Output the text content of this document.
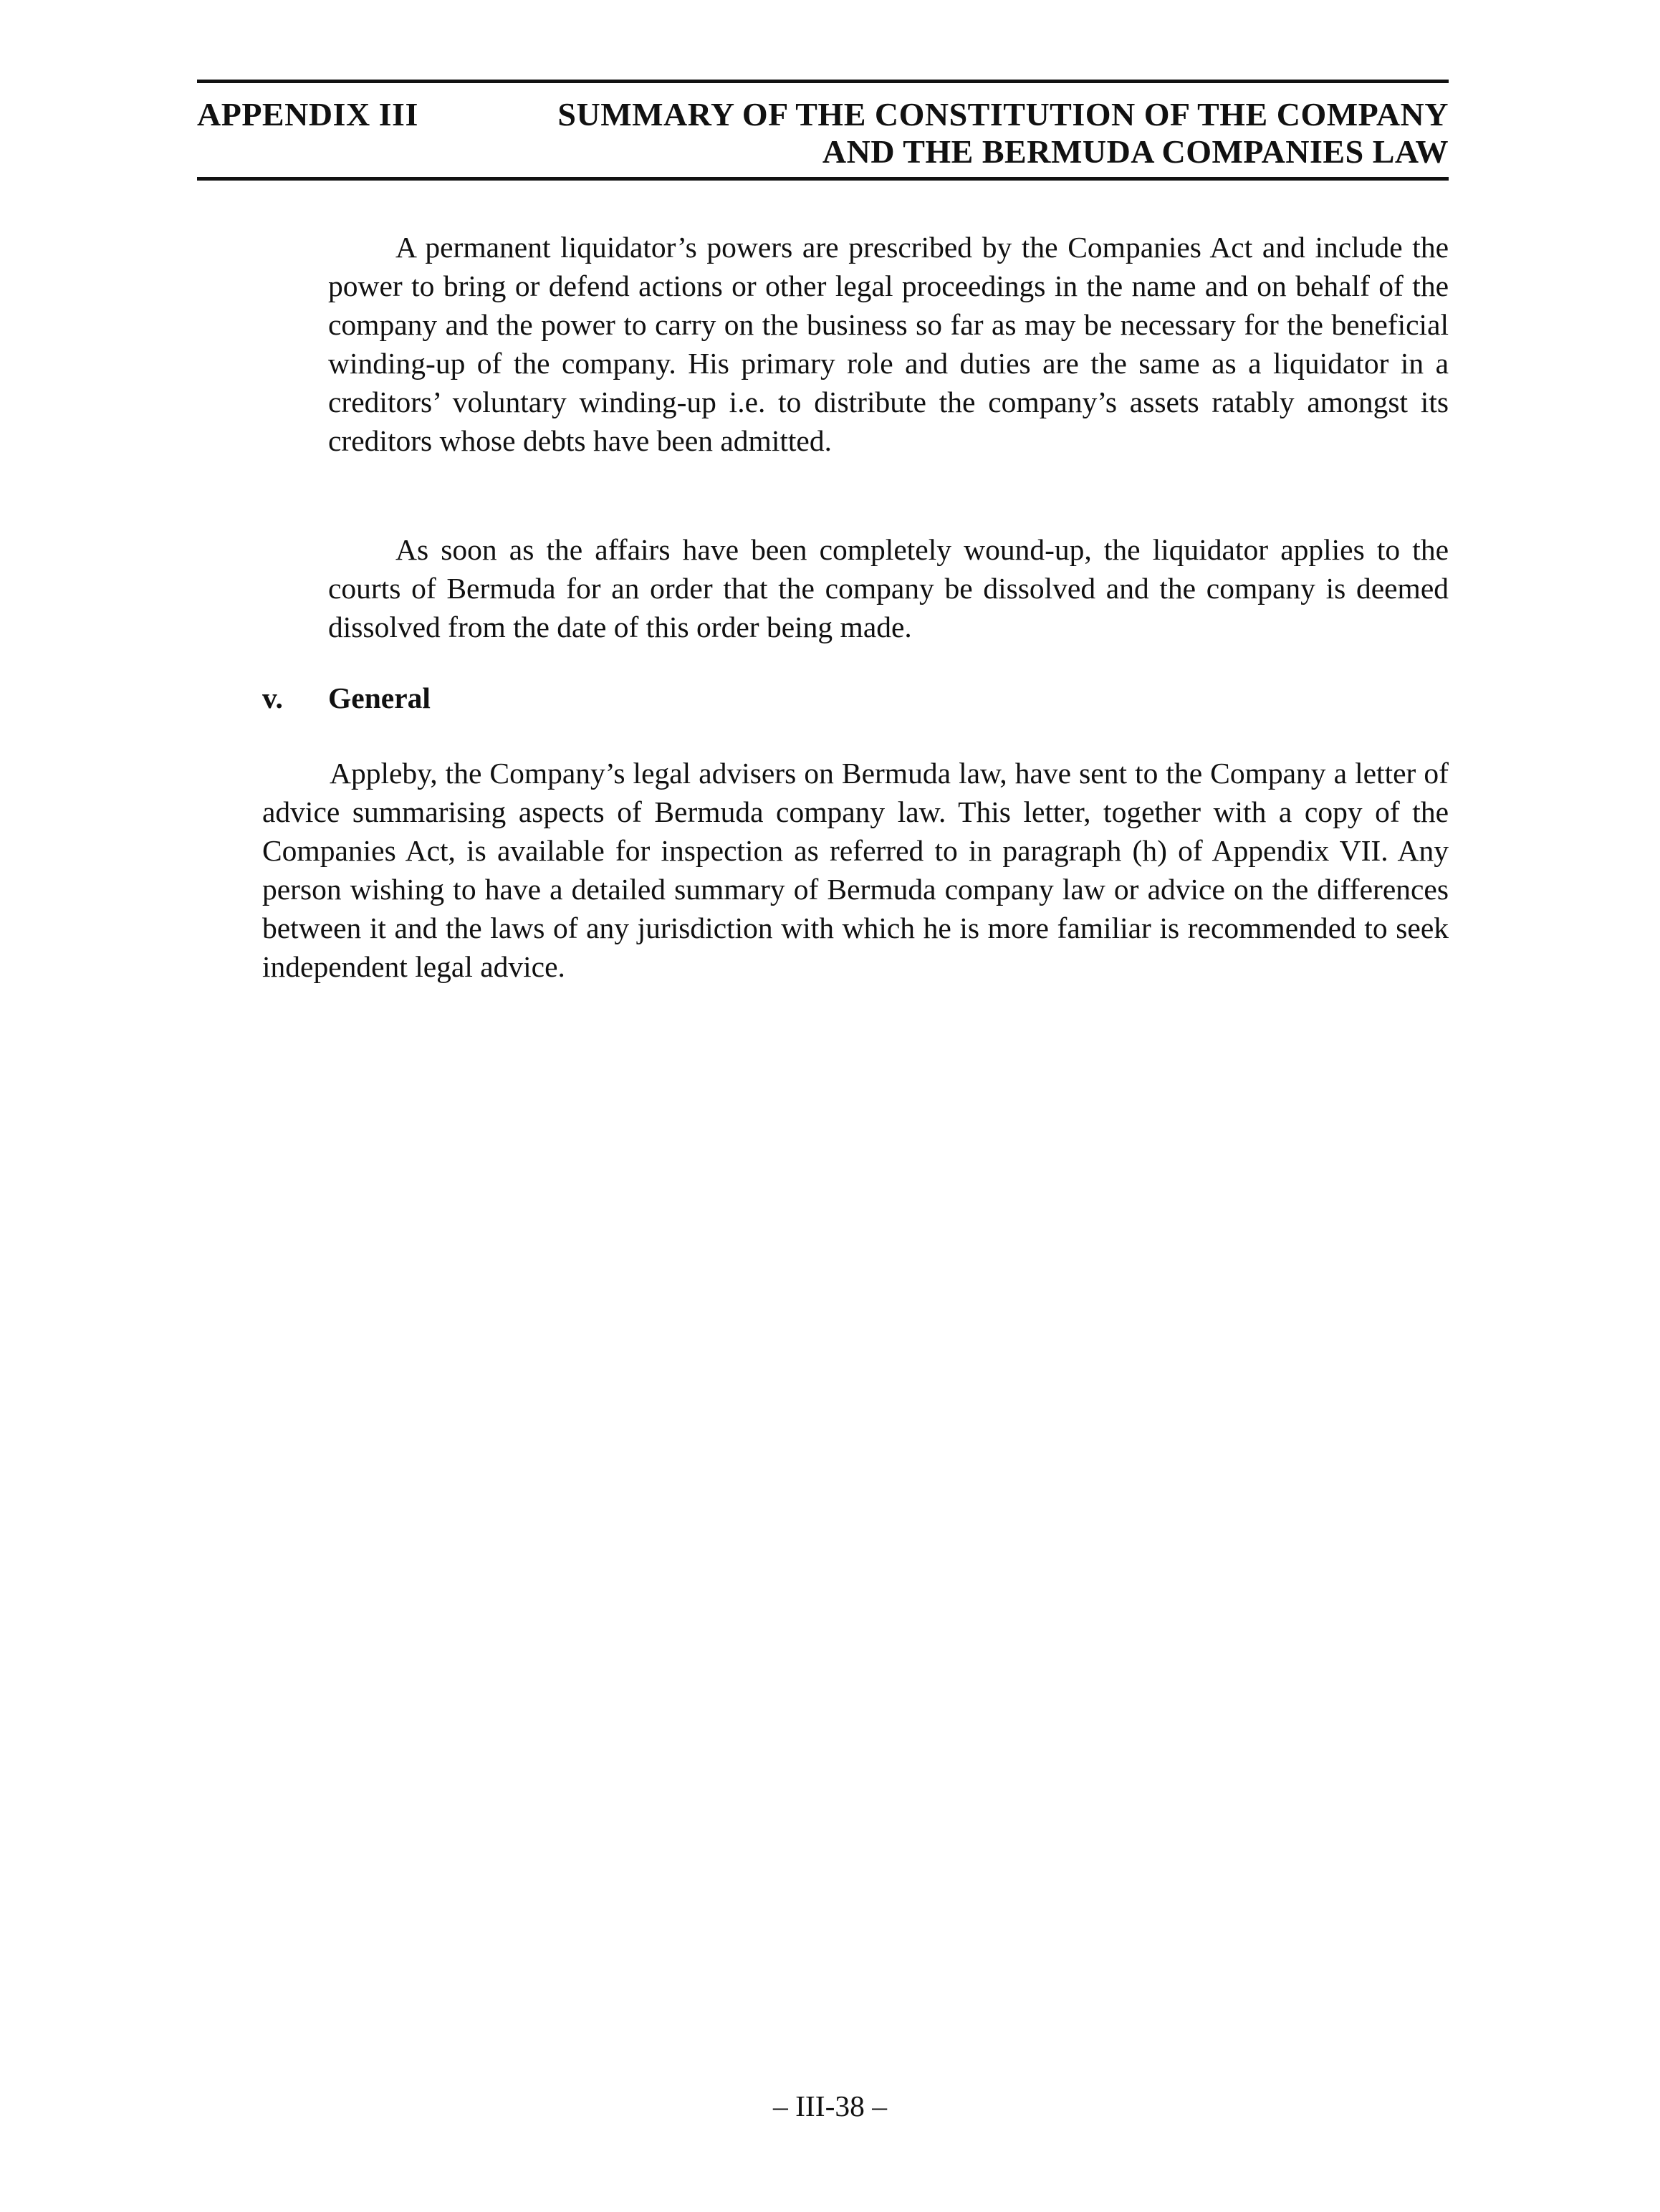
APPENDIX III	SUMMARY OF THE CONSTITUTION OF THE COMPANY
AND THE BERMUDA COMPANIES LAW

A permanent liquidator’s powers are prescribed by the Companies Act and include the power to bring or defend actions or other legal proceedings in the name and on behalf of the company and the power to carry on the business so far as may be necessary for the beneficial winding-up of the company. His primary role and duties are the same as a liquidator in a creditors’ voluntary winding-up i.e. to distribute the company’s assets ratably amongst its creditors whose debts have been admitted.

As soon as the affairs have been completely wound-up, the liquidator applies to the courts of Bermuda for an order that the company be dissolved and the company is deemed dissolved from the date of this order being made.

v. General

Appleby, the Company’s legal advisers on Bermuda law, have sent to the Company a letter of advice summarising aspects of Bermuda company law. This letter, together with a copy of the Companies Act, is available for inspection as referred to in paragraph (h) of Appendix VII. Any person wishing to have a detailed summary of Bermuda company law or advice on the differences between it and the laws of any jurisdiction with which he is more familiar is recommended to seek independent legal advice.

– III-38 –
